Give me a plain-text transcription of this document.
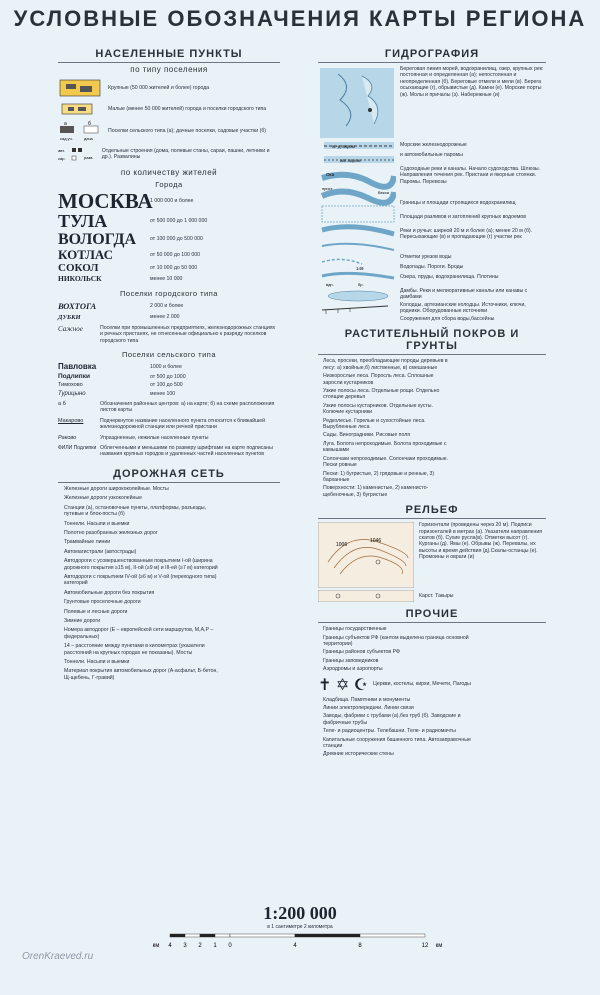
УСЛОВНЫЕ ОБОЗНАЧЕНИЯ КАРТЫ РЕГИОНА
НАСЕЛЕННЫЕ ПУНКТЫ
по типу поселения
Крупные (50 000 жителей и более) города
Малые (менее 50 000 жителей) города и поселки городского типа
а	б
сад.уч.	дача
Поселки сельского типа (а); дачные поселки, садовые участки (б)
авт.
сар.	разв.
Отдельные строения (дома, полевые станы, сараи, пашни, летники и др.). Развалины
по количеству жителей
Города
МОСКВА
1 000 000 и более
ТУЛА	от 500 000 до 1 000 000
ВОЛОГДА	от 100 000 до 500 000
КОТЛАС	от 50 000 до 100 000
СОКОЛ	от 10 000 до 50 000
НИКОЛЬСК	менее 10 000
Поселки городского типа
ВОХТОГА	2 000 и более
ДУБКИ	менее 2 000
Сажное	Поселки при промышленных предприятиях, железнодорожных станциях и речных пристанях, не отнесенные официально к разряду поселков городского типа
Поселки сельского типа
Павловка	1000 и более
Подлипки	от 500 до 1000
Тимохово	от 100 до 500
Турицыно	менее 100
а б	Обозначения районных центров: а) на карте; б) на схеме расположения листов карты
Макарово	Подчеркнутое название населенного пункта относится к ближайшей железнодорожной станции или речной пристани
Раково	Упраздненные, нежилые населенные пункты
ФИЛИ Подлипки Облегченными и меньшими по размеру шрифтами на карте подписаны названия крупных городов и удаленных частей населенных пунктов
ДОРОЖНАЯ СЕТЬ
Железные дороги ширококолейные. Мосты
Железные дороги узкоколейные
Станции (а), остановочные пункты, платформы, разъезды, путевые и блок-посты (б)
Тоннели. Насыпи и выемки
Полотно разобранных железных дорог
Трамвайные линии
Автомагистрали (автострады)
Автодороги с усовершенствованным покрытием I-ой (ширина дорожного покрытия ≥15 м), II-ой (≥9 м) и III-ей (≥7 м) категорий
Автодороги с покрытием IV-ой (≥6 м) и V-ой (переходного типа) категорий
Автомобильные дороги без покрытия
Грунтовые проселочные дороги
Полевые и лесные дороги
Зимние дороги
Номера автодорог (Е – европейской сети маршрутов, М,А,Р – федеральных)
14 – расстояние между пунктами в километрах (указатели расстояний на крупных городах не показаны). Мосты
Тоннели. Насыпи и выемки
Материал покрытия автомобильных дорог (А-асфальт, Б-бетон, Щ-щебень, Г-гравий)
ГИДРОГРАФИЯ
ж.-д.паром
авт.паром
Ока
прист.
Векса
149
вдп.	бр.
Береговая линия морей, водохранилищ, озер, крупных рек: постоянная и определенная (а); непостоянная и неопределенная (б). Береговые отмели и мели (в). Берега осыхающие (г), обрывистые (д). Камни (е). Морские порты (ж). Молы и причалы (з). Набережные (и)
Морские железнодорожные
и автомобильные паромы
Судоходные реки и каналы. Начало судоходства. Шлюзы. Направления течения рек. Пристани и якорные стоянки. Паромы. Перевозы
Границы и площади строящихся водохранилищ
Площади разливов и затоплений крупных водоемов
Реки и ручьи: ширной 20 м и более (а); менее 20 м (б). Пересыхающие (в) и пропадающие (г) участки рек
Отметки урезов воды
Водопады. Пороги. Броды
Озера, пруды, водохранилища. Плотины
Дамбы. Реки и мелиоративные каналы или канавы с дамбами
Колодцы, артезианские колодцы. Источники, ключи, родники. Оборудованные источники
Сооружения для сбора воды,бассейны
РАСТИТЕЛЬНЫЙ ПОКРОВ И ГРУНТЫ
Леса, просеки, преобладающие породы деревьев в лесу: а) хвойные,б) лиственные, в) смешанные
Низкорослые леса. Поросль леса. Сплошные заросли кустарников
Узкие полосы леса. Отдельные рощи. Отдельно стоящие деревья
Узкие полосы кустарников. Отдельные кусты. Колючие кустарники
Редколесье. Горелые и сухостойные леса. Вырубленные леса
Сады. Виноградники. Рисовые поля
Луга. Болота непроходимые. Болота проходимые с камышами
Солончаки непроходимые. Солончаки проходимые. Пески ровные
Пески: 1) бугристые, 2) грядовые и ренные, 3) барханные
Поверхности: 1) каменистые, 2) каменисто-щебеночные, 3) бугристые
РЕЛЬЕФ
1006
1046
Горизонтали (проведены через 20 м). Подписи горизонталей в метрах (а). Указатели направления скатов (б). Сухие русла(в). Отметки высот (г). Курганы (д). Ямы (е). Обрывы (ж). Перевалы, их высоты и время действия (д).Скалы-останцы (е). Промоины и овраги (и)
Карст. Такыры
ПРОЧИЕ
Границы государственные
Границы субъектов РФ (кантом выделена граница основной территории)
Границы районов субъектов РФ
Границы заповедников
Аэродромы и аэропорты
✝ ✡ ☪ Церкви, костелы, кирхи, Мечети, Пагоды
Кладбища. Памятники и монументы
Линии электропередачи. Линии связи
Заводы, фабрики с трубами (а),без труб (б). Заводские и фабричные трубы
Теле- и радиоцентры. Телебашни. Теле- и радиомачты
Капитальные сооружения башенного типа. Автозаправочные станции
Древние исторические стены
1:200 000
в 1 сантиметре 2 километра
км 4 3 2 1 0	4	8	12 км
OrenKraeved.ru
